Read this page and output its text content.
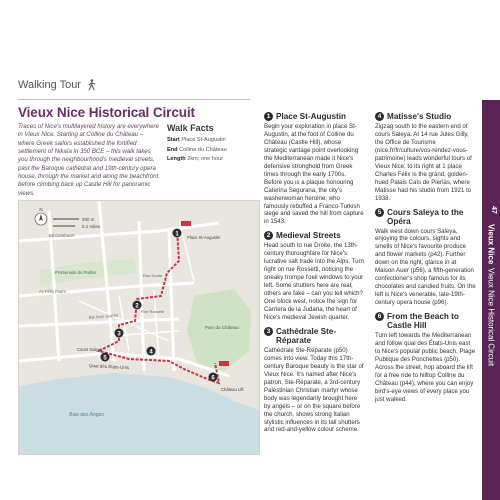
Walking Tour
Vieux Nice Historical Circuit
Traces of Nice's multilayered history are everywhere in Vieux Nice. Starting at Colline du Château – where Greek sailors established the fortified settlement of Nikaïa in 350 BCE – this walk takes you through the neighbourhood's medieval streets, past the Baroque cathedral and 19th-century opera house, through the market and along the beachfront, before climbing back up Castle Hill for panoramic views.
Walk Facts
Start Place St-Augustin
End Colline du Château
Length 2km; one hour
1
2
3
4
5
6
200 m
0.1 miles
N
Bd Carabacel
Av Félix Faure
Bd Jean Jaurès
Quai des États-Unis
Cours Saleya
Promenade du Paillon
Parc du Château
Baie des Anges
Place St-Augustin
Château Lift
Rue Droite
Rue Rossetti
1 Place St-Augustin
Begin your exploration in place St-Augustin, at the foot of Colline du Château (Castle Hill), whose strategic vantage point overlooking the Mediterranean made it Nice's defensive stronghold from Greek times through the early 1700s. Before you is a plaque honouring Caterina Segurana, the city's washerwoman heroine, who famously rebuffed a Franco-Turkish siege and saved the hill from capture in 1543.
2 Medieval Streets
Head south to rue Droite, the 13th-century thoroughfare for Nice's lucrative salt trade into the Alps. Turn right on rue Rossetti, noticing the sneaky trompe l'oeil windows to your left. Some shutters here are real, others are fake – can you tell which? One block west, notice the sign for Carriera de la Judaria, the heart of Nice's medieval Jewish quarter.
3 Cathédrale Ste-Réparate
Cathédrale Ste-Réparate (p50) comes into view. Today this 17th-century Baroque beauty is the star of Vieux Nice. It's named after Nice's patron, Ste-Réparate, a 3rd-century Palestinian Christian martyr whose body was legendarily brought here by angels – or on the square before the church, shows strong Italian stylistic influences in its tall shutters and red-and-yellow colour scheme.
4 Matisse's Studio
Zigzag south to the eastern end of cours Saleya. At 14 rue Jules Gilly, the Office de Tourisme (nice.fr/fr/culture/vos-rendez-vous-patrimoine) leads wonderful tours of Vieux Nice; to its right at 1 place Charles Félix is the grand, golden-hued Palais Caïs de Pierlas, where Matisse had his studio from 1921 to 1938.
5 Cours Saleya to the Opéra
Walk west down cours Saleya, enjoying the colours, sights and smells of Nice's favourite produce and flower markets (p42). Further down on the right, glance in at Maison Auer (p56), a fifth-generation confectioner's shop famous for its chocolates and candied fruits. On the left is Nice's venerable, late-19th-century opera house (p96).
6 From the Beach to Castle Hill
Turn left towards the Mediterranean and follow quai des États-Unis east to Nice's popular public beach, Plage Publique des Ponchettes (p50). Across the street, hop aboard the lift for a free ride to hilltop Colline du Château (p44), where you can enjoy bird's-eye views of every place you just walked.
47
Vieux Nice
Vieux Nice Historical Circuit
